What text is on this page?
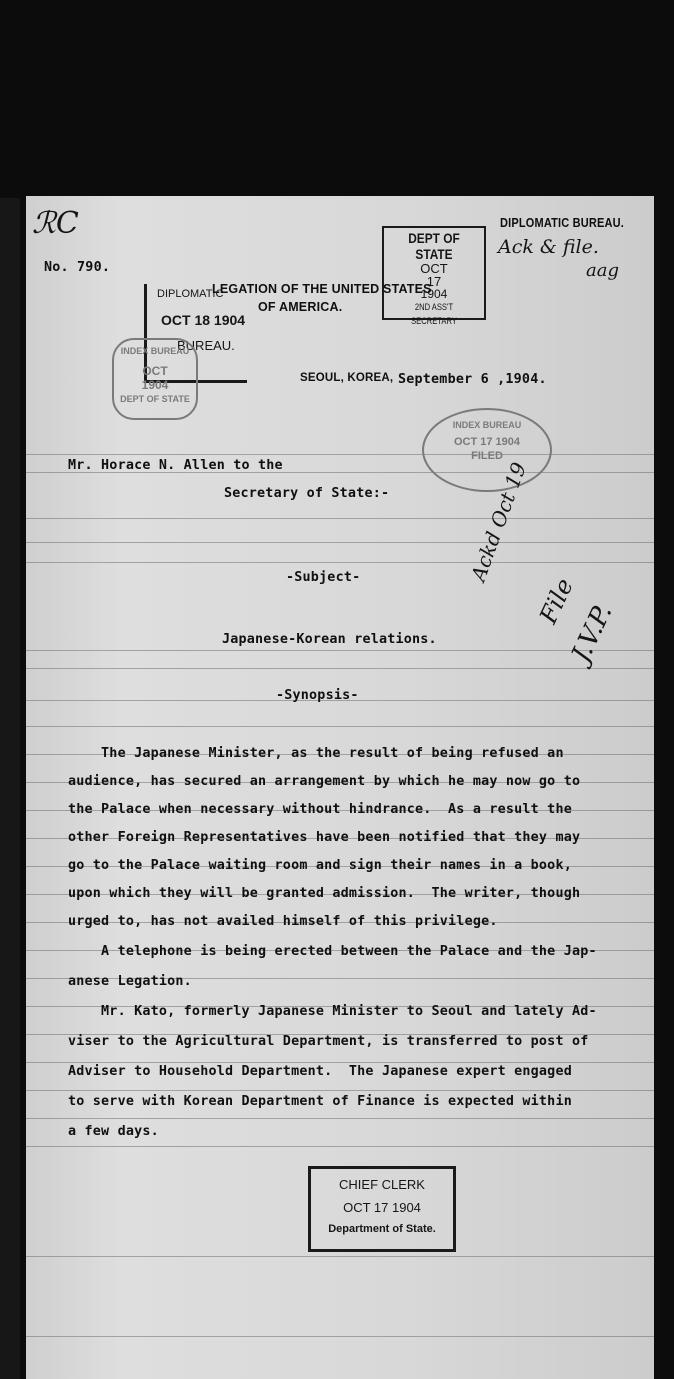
ℛC	DIPLOMATIC BUREAU.
Ack & file.
aag
DEPT OF STATE
OCT
17
1904
2ND ASS'T SECRETARY
No. 790.
LEGATION OF THE UNITED STATES
OF AMERICA.
DIPLOMATIC
OCT 18 1904
BUREAU.
INDEX BUREAU
OCT
1904
DEPT OF STATE
SEOUL, KOREA, September 6 ,1904.
INDEX BUREAU
OCT 17 1904
FILED
Mr. Horace N. Allen to the
Secretary of State:-	Ackd Oct 19
File
J.V.P.
-Subject-
Japanese-Korean relations.
-Synopsis-
The Japanese Minister, as the result of being refused an
audience, has secured an arrangement by which he may now go to
the Palace when necessary without hindrance.  As a result the
other Foreign Representatives have been notified that they may
go to the Palace waiting room and sign their names in a book,
upon which they will be granted admission.  The writer, though
urged to, has not availed himself of this privilege.
A telephone is being erected between the Palace and the Jap-
anese Legation.
Mr. Kato, formerly Japanese Minister to Seoul and lately Ad-
viser to the Agricultural Department, is transferred to post of
Adviser to Household Department.  The Japanese expert engaged
to serve with Korean Department of Finance is expected within
a few days.
CHIEF CLERK
OCT 17 1904
Department of State.
